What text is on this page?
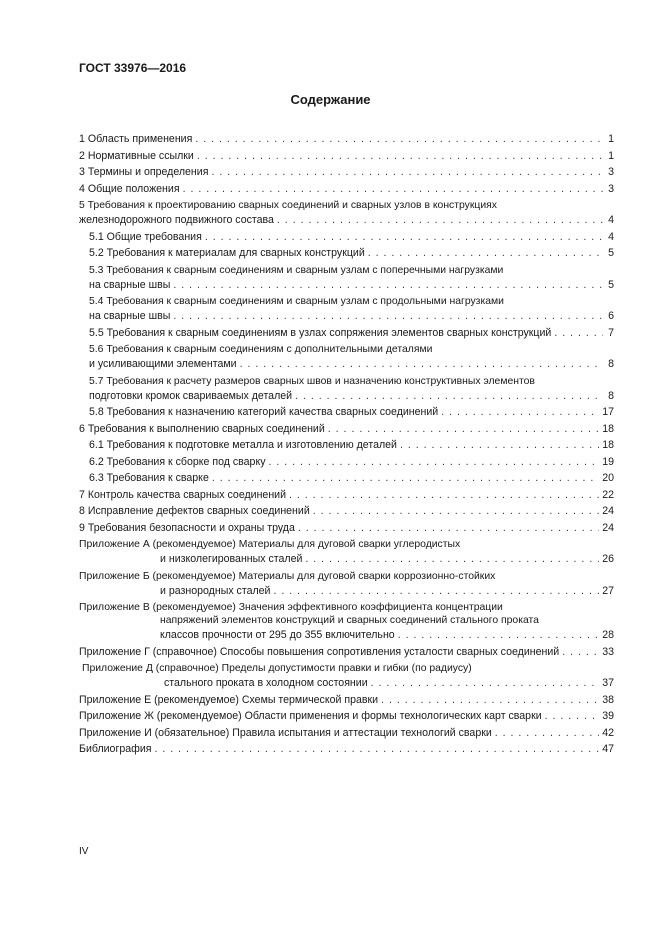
ГОСТ 33976—2016
Содержание
1 Область применения . . .	1
2 Нормативные ссылки . . .	1
3 Термины и определения . . .	3
4 Общие положения . . .	3
5 Требования к проектированию сварных соединений и сварных узлов в конструкциях
железнодорожного подвижного состава . . .	4
5.1 Общие требования . . .	4
5.2 Требования к материалам для сварных конструкций . . .	5
5.3 Требования к сварным соединениям и сварным узлам с поперечными нагрузками
на сварные швы . . .	5
5.4 Требования к сварным соединениям и сварным узлам с продольными нагрузками
на сварные швы . . .	6
5.5 Требования к сварным соединениям в узлах сопряжения элементов сварных конструкций . . .	7
5.6 Требования к сварным соединениям с дополнительными деталями
и усиливающими элементами . . .	8
5.7 Требования к расчету размеров сварных швов и назначению конструктивных элементов
подготовки кромок свариваемых деталей . . .	8
5.8 Требования к назначению категорий качества сварных соединений . . .	17
6 Требования к выполнению сварных соединений . . .	18
6.1 Требования к подготовке металла и изготовлению деталей . . .	18
6.2 Требования к сборке под сварку . . .	19
6.3 Требования к сварке . . .	20
7 Контроль качества сварных соединений . . .	22
8 Исправление дефектов сварных соединений . . .	24
9 Требования безопасности и охраны труда . . .	24
Приложение А (рекомендуемое) Материалы для дуговой сварки углеродистых
и низколегированных сталей . . .	26
Приложение Б (рекомендуемое) Материалы для дуговой сварки коррозионно-стойких
и разнородных сталей . . .	27
Приложение В (рекомендуемое) Значения эффективного коэффициента концентрации
напряжений элементов конструкций и сварных соединений стального проката
классов прочности от 295 до 355 включительно . . .	28
Приложение Г (справочное) Способы повышения сопротивления усталости сварных соединений . . .	33
Приложение Д (справочное) Пределы допустимости правки и гибки (по радиусу)
стального проката в холодном состоянии . . .	37
Приложение Е (рекомендуемое) Схемы термической правки . . .	38
Приложение Ж (рекомендуемое) Области применения и формы технологических карт сварки . . .	39
Приложение И (обязательное) Правила испытания и аттестации технологий сварки . . .	42
Библиография . . .	47
IV
